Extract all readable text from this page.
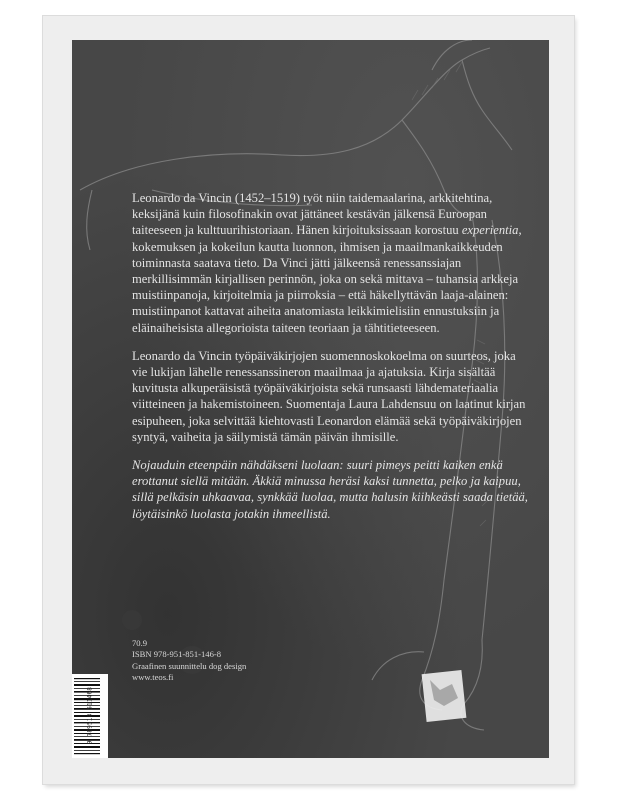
Leonardo da Vincin (1452–1519) työt niin taidemaalarina, arkkitehtina, keksijänä kuin filosofinakin ovat jättäneet kestävän jälkensä Euroopan taiteeseen ja kulttuurihistoriaan. Hänen kirjoituksissaan korostuu experientia, kokemuksen ja kokeilun kautta luonnon, ihmisen ja maailmankaikkeuden toiminnasta saatava tieto. Da Vinci jätti jälkeensä renessanssiajan merkillisimmän kirjallisen perinnön, joka on sekä mittava – tuhansia arkkeja muistiinpanoja, kirjoitelmia ja piirroksia – että häkellyttävän laaja-alainen: muistiinpanot kattavat aiheita anatomiasta leikkimielisiin ennustuksiin ja eläinaiheisista allegorioista taiteen teoriaan ja tähtitieteeseen.

Leonardo da Vincin työpäiväkirjojen suomennoskokoelma on suurteos, joka vie lukijan lähelle renessanssineron maailmaa ja ajatuksia. Kirja sisältää kuvitusta alkuperäisistä työpäiväkirjoista sekä runsaasti lähdemateriaalia viitteineen ja hakemistoineen. Suomentaja Laura Lahdensuu on laatinut kirjan esipuheen, joka selvittää kiehtovasti Leonardon elämää sekä työpäiväkirjojen syntyä, vaiheita ja säilymistä tämän päivän ihmisille.

Nojauduin eteenpäin nähdäkseni luolaan: suuri pimeys peitti kaiken enkä erottanut siellä mitään. Äkkiä minussa heräsi kaksi tunnetta, pelko ja kaipuu, sillä pelkäsin uhkaavaa, synkkää luolaa, mutta halusin kiihkeästi saada tietää, löytäisinkö luolasta jotakin ihmeellistä.

70.9
ISBN 978-951-851-146-8
Graafinen suunnittelu dog design
www.teos.fi
9 789518 511468
